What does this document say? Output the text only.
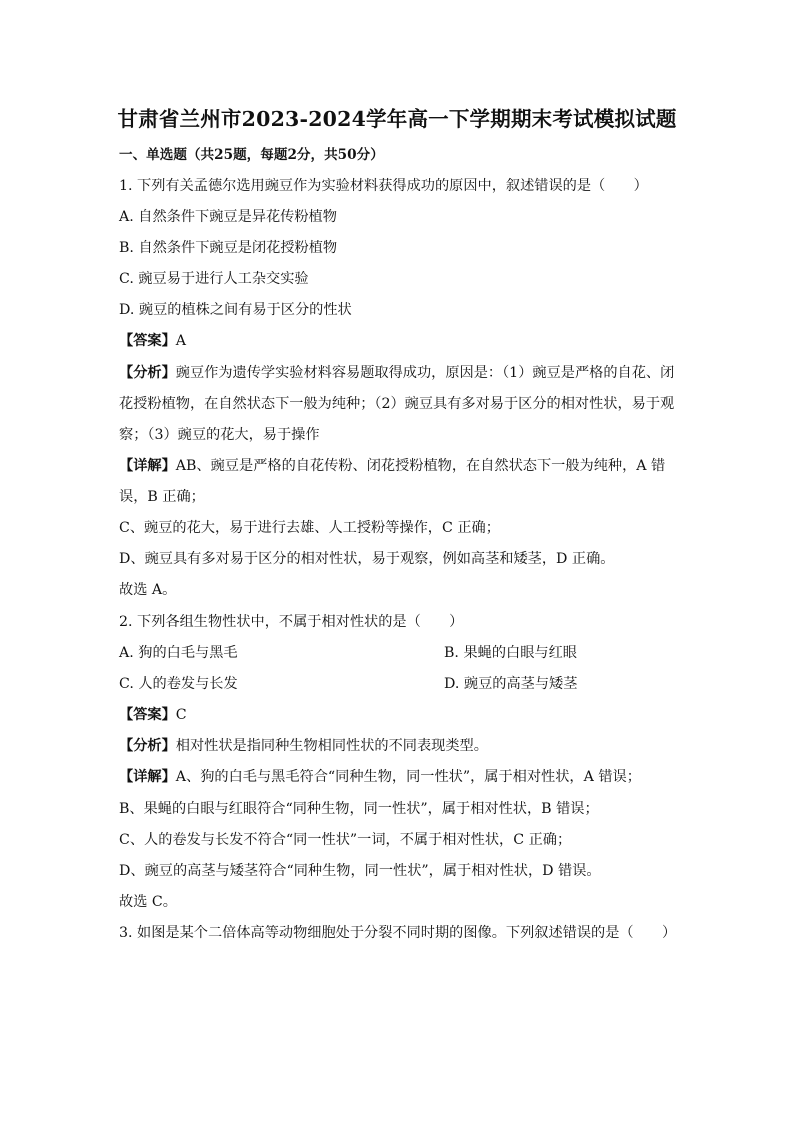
甘肃省兰州市2023-2024学年高一下学期期末考试模拟试题
一、单选题（共25题，每题2分，共50分）
1. 下列有关孟德尔选用豌豆作为实验材料获得成功的原因中，叙述错误的是（　　）
A. 自然条件下豌豆是异花传粉植物
B. 自然条件下豌豆是闭花授粉植物
C. 豌豆易于进行人工杂交实验
D. 豌豆的植株之间有易于区分的性状
【答案】A
【分析】豌豆作为遗传学实验材料容易题取得成功，原因是：（1）豌豆是严格的自花、闭
花授粉植物，在自然状态下一般为纯种；（2）豌豆具有多对易于区分的相对性状，易于观
察；（3）豌豆的花大，易于操作
【详解】AB、豌豆是严格的自花传粉、闭花授粉植物，在自然状态下一般为纯种，A 错
误，B 正确；
C、豌豆的花大，易于进行去雄、人工授粉等操作，C 正确；
D、豌豆具有多对易于区分的相对性状，易于观察，例如高茎和矮茎，D 正确。
故选 A。
2. 下列各组生物性状中，不属于相对性状的是（　　）
A. 狗的白毛与黑毛	B. 果蝇的白眼与红眼
C. 人的卷发与长发	D. 豌豆的高茎与矮茎
【答案】C
【分析】相对性状是指同种生物相同性状的不同表现类型。
【详解】A、狗的白毛与黑毛符合“同种生物，同一性状”，属于相对性状，A 错误；
B、果蝇的白眼与红眼符合“同种生物，同一性状”，属于相对性状，B 错误；
C、人的卷发与长发不符合“同一性状”一词，不属于相对性状，C 正确；
D、豌豆的高茎与矮茎符合“同种生物，同一性状”，属于相对性状，D 错误。
故选 C。
3. 如图是某个二倍体高等动物细胞处于分裂不同时期的图像。下列叙述错误的是（　　）
